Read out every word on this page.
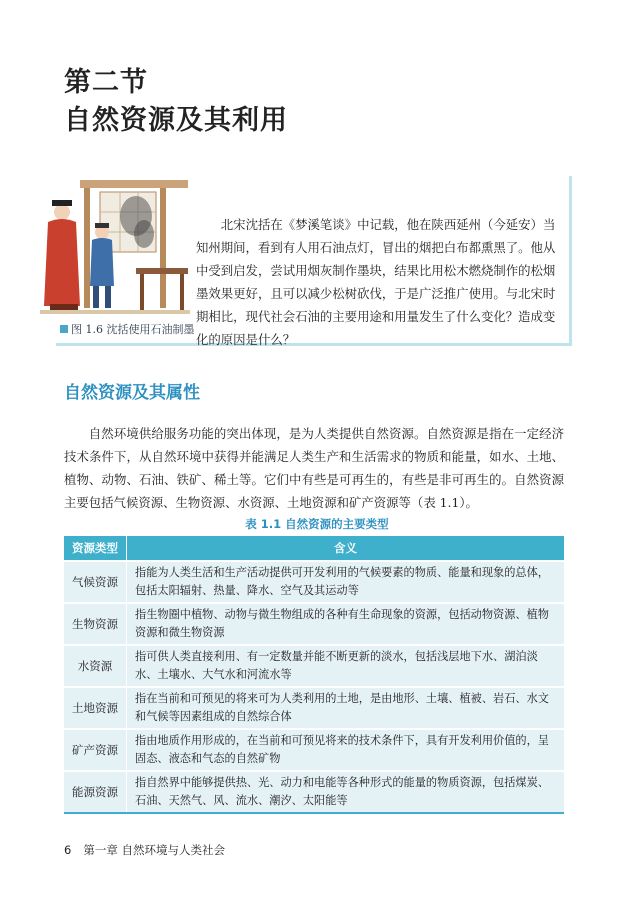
第二节
自然资源及其利用
图 1.6 沈括使用石油制墨
北宋沈括在《梦溪笔谈》中记载，他在陕西延州（今延安）当知州期间，看到有人用石油点灯，冒出的烟把白布都熏黑了。他从中受到启发，尝试用烟灰制作墨块，结果比用松木燃烧制作的松烟墨效果更好，且可以减少松树砍伐，于是广泛推广使用。与北宋时期相比，现代社会石油的主要用途和用量发生了什么变化？造成变化的原因是什么？
自然资源及其属性
自然环境供给服务功能的突出体现，是为人类提供自然资源。自然资源是指在一定经济技术条件下，从自然环境中获得并能满足人类生产和生活需求的物质和能量，如水、土地、植物、动物、石油、铁矿、稀土等。它们中有些是可再生的，有些是非可再生的。自然资源主要包括气候资源、生物资源、水资源、土地资源和矿产资源等（表 1.1）。
表 1.1 自然资源的主要类型
资源类型	含义
气候资源
指能为人类生活和生产活动提供可开发利用的气候要素的物质、能量和现象的总体，包括太阳辐射、热量、降水、空气及其运动等
生物资源
指生物圈中植物、动物与微生物组成的各种有生命现象的资源，包括动物资源、植物资源和微生物资源
水资源
指可供人类直接利用、有一定数量并能不断更新的淡水，包括浅层地下水、湖泊淡水、土壤水、大气水和河流水等
土地资源
指在当前和可预见的将来可为人类利用的土地，是由地形、土壤、植被、岩石、水文和气候等因素组成的自然综合体
矿产资源
指由地质作用形成的，在当前和可预见将来的技术条件下，具有开发利用价值的，呈固态、液态和气态的自然矿物
能源资源
指自然界中能够提供热、光、动力和电能等各种形式的能量的物质资源，包括煤炭、石油、天然气、风、流水、潮汐、太阳能等
6 第一章 自然环境与人类社会
